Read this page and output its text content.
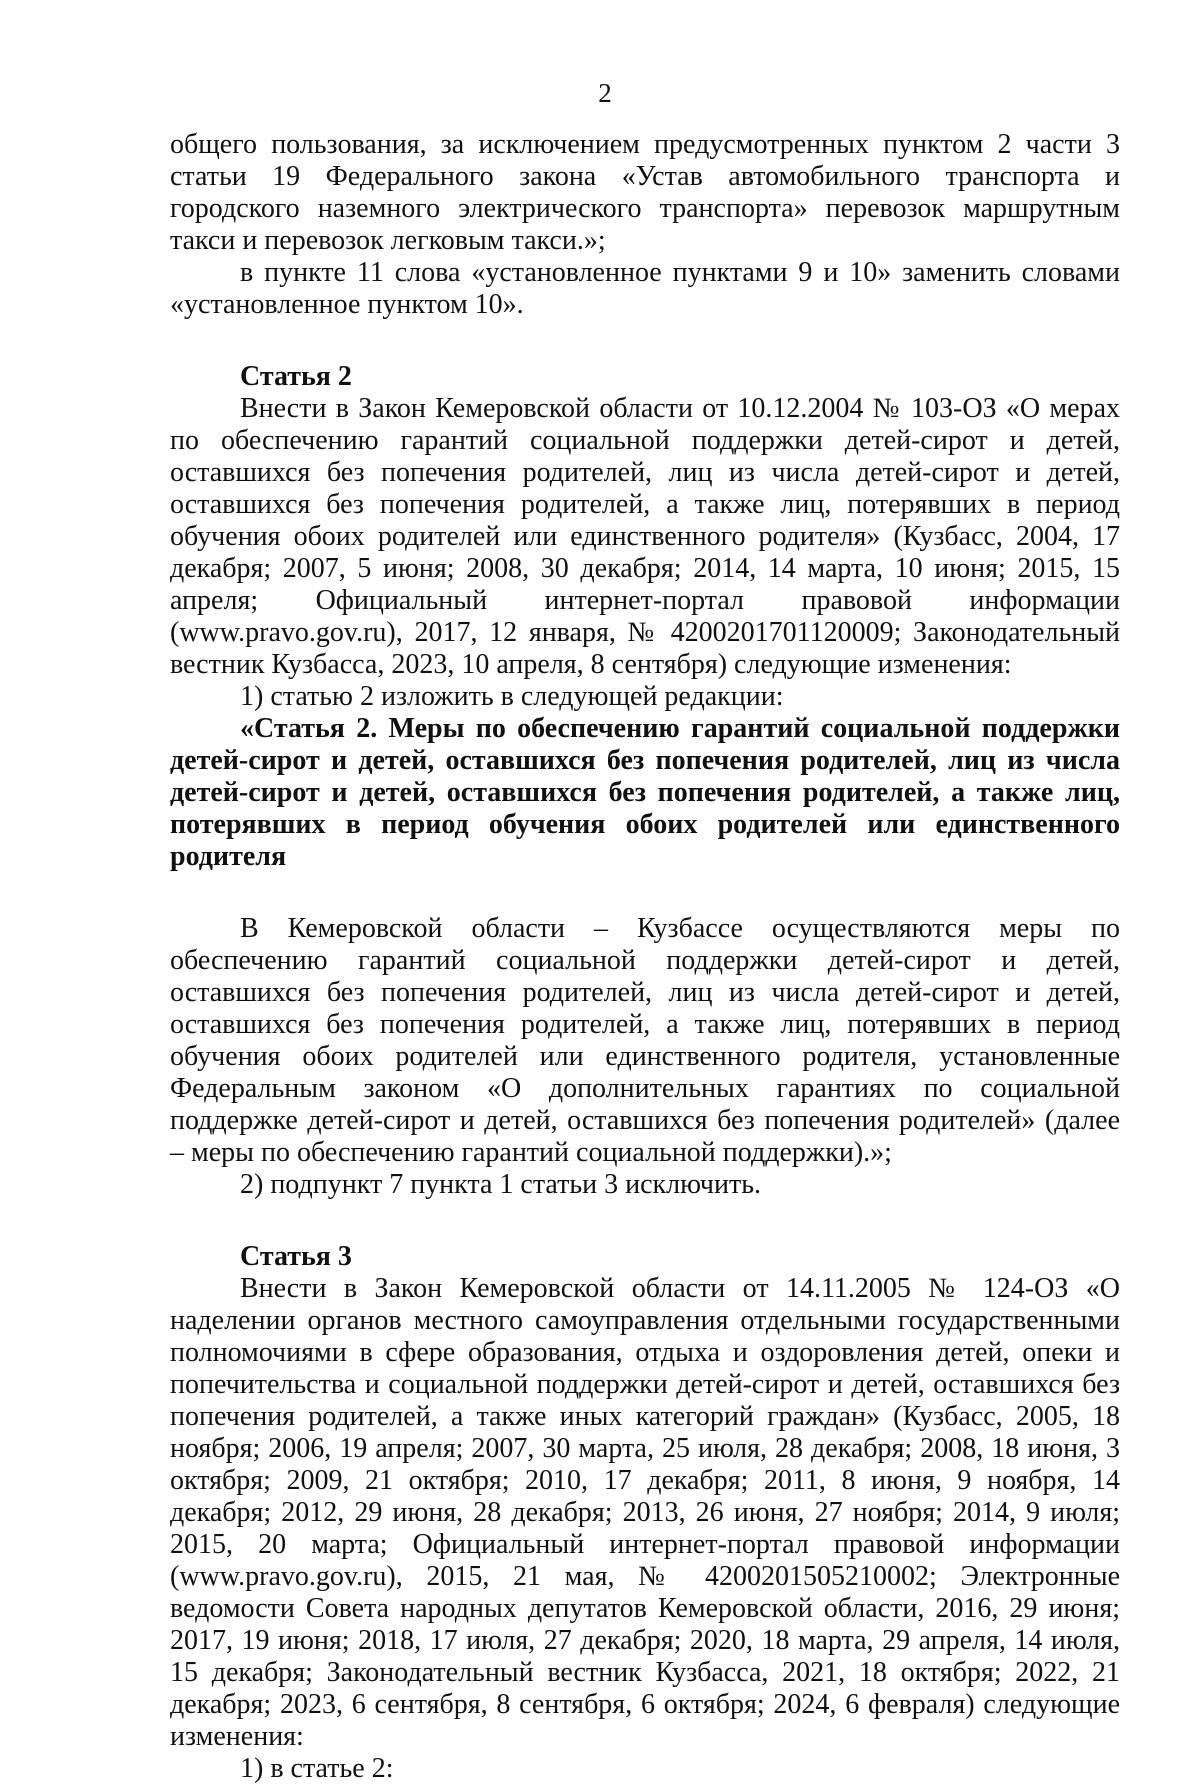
2

общего пользования, за исключением предусмотренных пунктом 2 части 3 статьи 19 Федерального закона «Устав автомобильного транспорта и городского наземного электрического транспорта» перевозок маршрутным такси и перевозок легковым такси.»;

в пункте 11 слова «установленное пунктами 9 и 10» заменить словами «установленное пунктом 10».

Статья 2

Внести в Закон Кемеровской области от 10.12.2004 № 103-ОЗ «О мерах по обеспечению гарантий социальной поддержки детей-сирот и детей, оставшихся без попечения родителей, лиц из числа детей-сирот и детей, оставшихся без попечения родителей, а также лиц, потерявших в период обучения обоих родителей или единственного родителя» (Кузбасс, 2004, 17 декабря; 2007, 5 июня; 2008, 30 декабря; 2014, 14 марта, 10 июня; 2015, 15 апреля; Официальный интернет-портал правовой информации (www.pravo.gov.ru), 2017, 12 января, № 4200201701120009; Законодательный вестник Кузбасса, 2023, 10 апреля, 8 сентября) следующие изменения:

1) статью 2 изложить в следующей редакции:

«Статья 2. Меры по обеспечению гарантий социальной поддержки детей-сирот и детей, оставшихся без попечения родителей, лиц из числа детей-сирот и детей, оставшихся без попечения родителей, а также лиц, потерявших в период обучения обоих родителей или единственного родителя

В Кемеровской области – Кузбассе осуществляются меры по обеспечению гарантий социальной поддержки детей-сирот и детей, оставшихся без попечения родителей, лиц из числа детей-сирот и детей, оставшихся без попечения родителей, а также лиц, потерявших в период обучения обоих родителей или единственного родителя, установленные Федеральным законом «О дополнительных гарантиях по социальной поддержке детей-сирот и детей, оставшихся без попечения родителей» (далее – меры по обеспечению гарантий социальной поддержки).»;

2) подпункт 7 пункта 1 статьи 3 исключить.

Статья 3

Внести в Закон Кемеровской области от 14.11.2005 № 124-ОЗ «О наделении органов местного самоуправления отдельными государственными полномочиями в сфере образования, отдыха и оздоровления детей, опеки и попечительства и социальной поддержки детей-сирот и детей, оставшихся без попечения родителей, а также иных категорий граждан» (Кузбасс, 2005, 18 ноября; 2006, 19 апреля; 2007, 30 марта, 25 июля, 28 декабря; 2008, 18 июня, 3 октября; 2009, 21 октября; 2010, 17 декабря; 2011, 8 июня, 9 ноября, 14 декабря; 2012, 29 июня, 28 декабря; 2013, 26 июня, 27 ноября; 2014, 9 июля; 2015, 20 марта; Официальный интернет-портал правовой информации (www.pravo.gov.ru), 2015, 21 мая, № 4200201505210002; Электронные ведомости Совета народных депутатов Кемеровской области, 2016, 29 июня; 2017, 19 июня; 2018, 17 июля, 27 декабря; 2020, 18 марта, 29 апреля, 14 июля, 15 декабря; Законодательный вестник Кузбасса, 2021, 18 октября; 2022, 21 декабря; 2023, 6 сентября, 8 сентября, 6 октября; 2024, 6 февраля) следующие изменения:

1) в статье 2:
